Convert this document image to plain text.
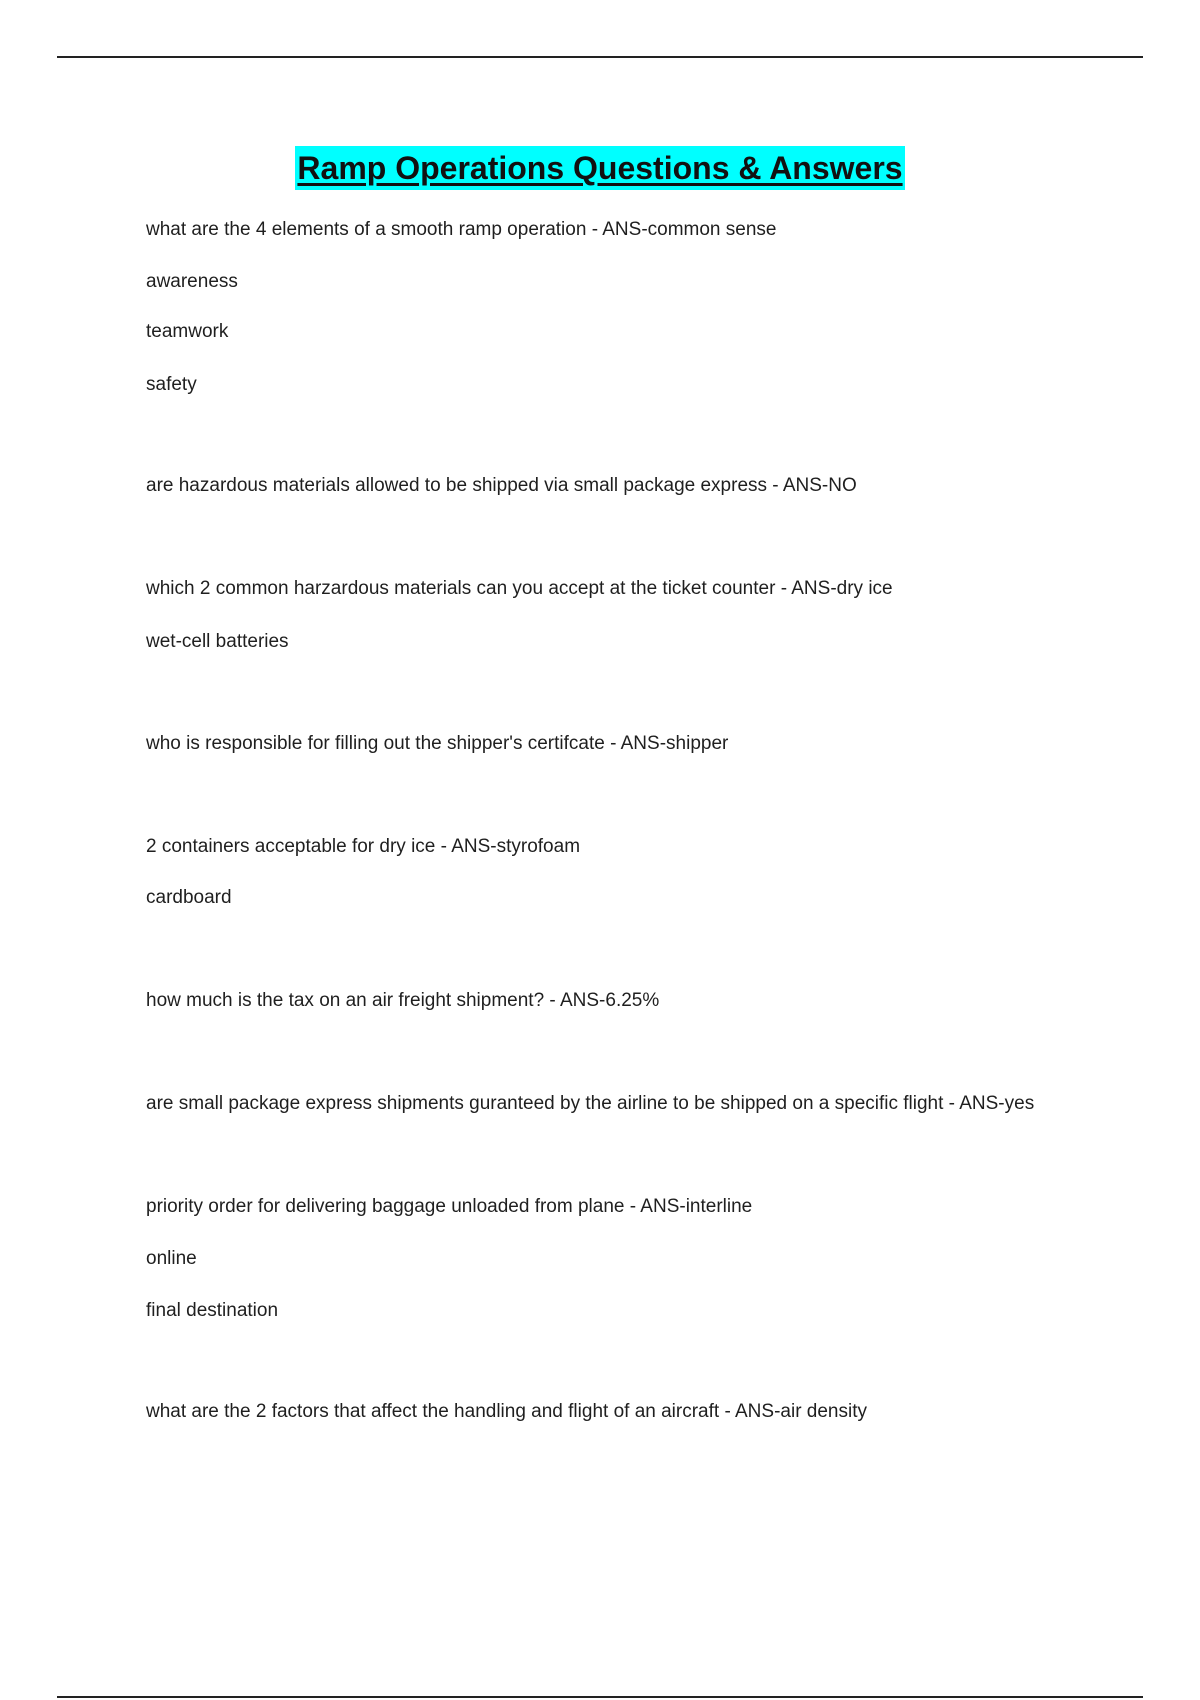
Ramp Operations Questions & Answers
what are the 4 elements of a smooth ramp operation - ANS-common sense
awareness
teamwork
safety
are hazardous materials allowed to be shipped via small package express - ANS-NO
which 2 common harzardous materials can you accept at the ticket counter - ANS-dry ice
wet-cell batteries
who is responsible for filling out the shipper's certifcate - ANS-shipper
2 containers acceptable for dry ice - ANS-styrofoam
cardboard
how much is the tax on an air freight shipment? - ANS-6.25%
are small package express shipments guranteed by the airline to be shipped on a specific flight - ANS-yes
priority order for delivering baggage unloaded from plane - ANS-interline
online
final destination
what are the 2 factors that affect the handling and flight of an aircraft - ANS-air density
